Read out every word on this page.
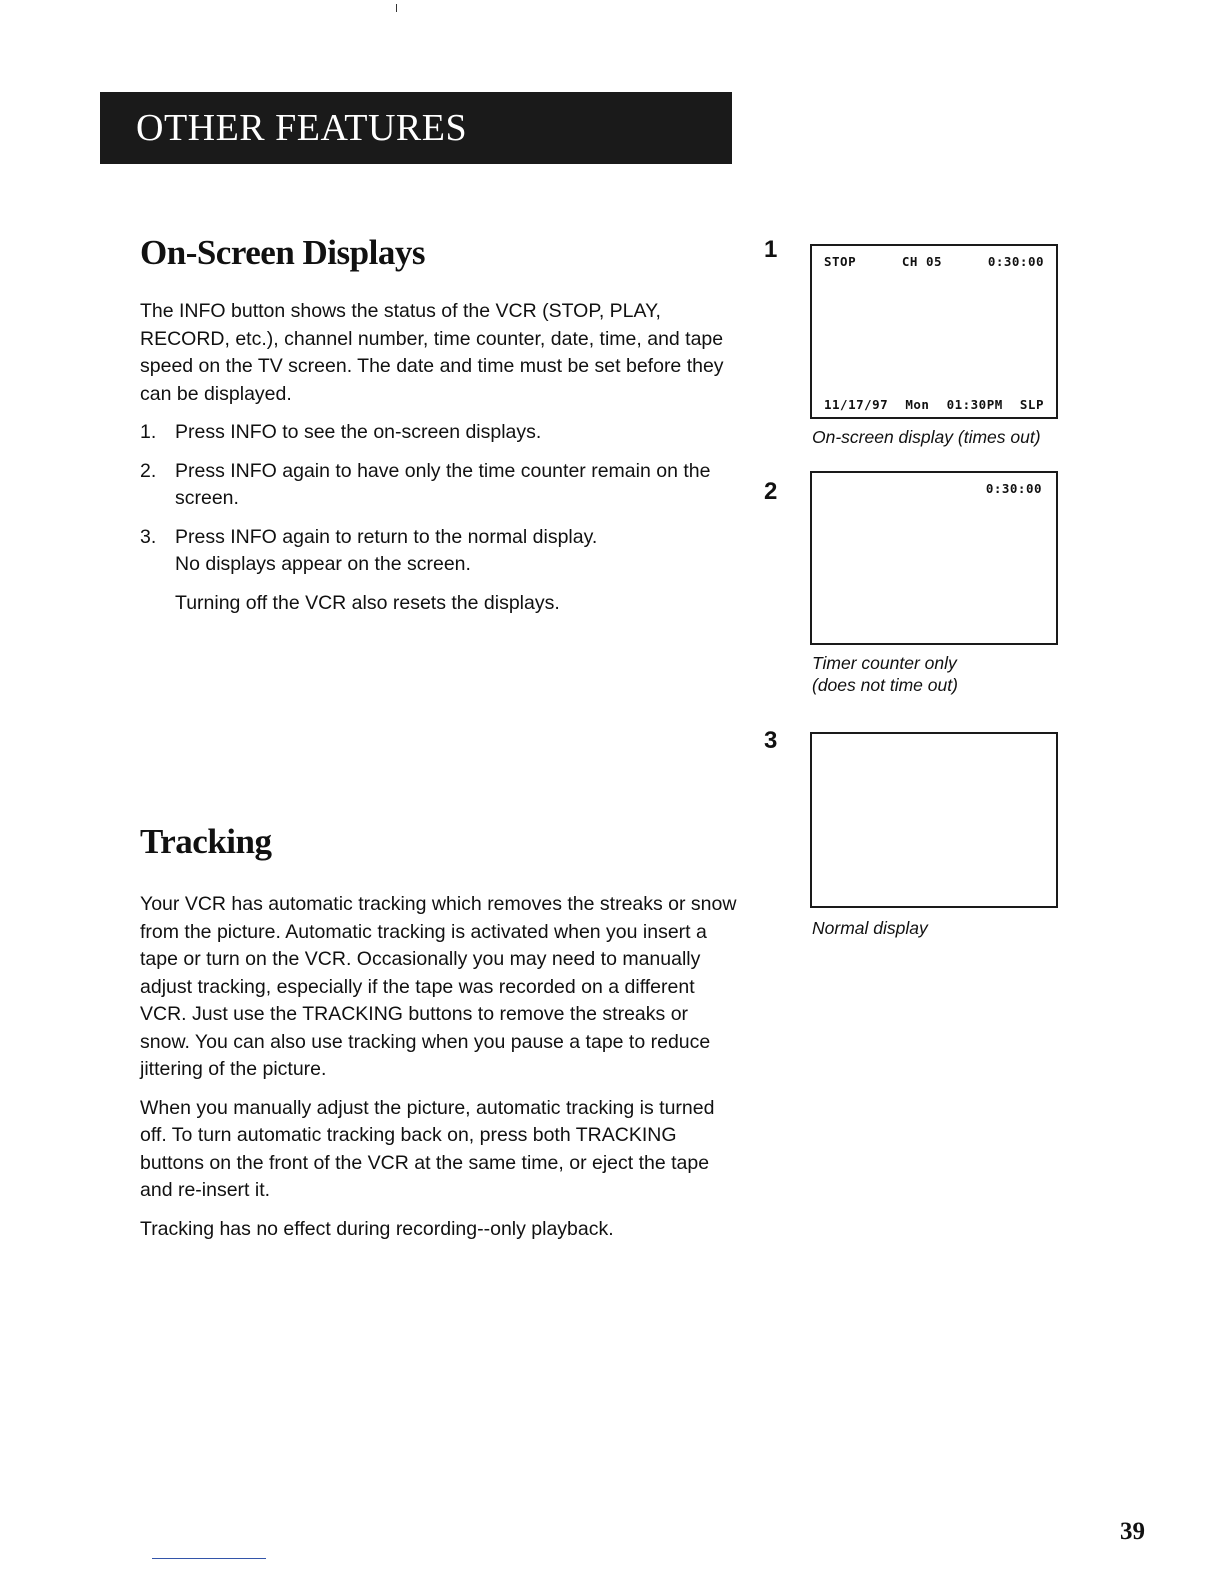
OTHER FEATURES
On-Screen Displays

The INFO button shows the status of the VCR (STOP, PLAY, RECORD, etc.), channel number, time counter, date, time, and tape speed on the TV screen. The date and time must be set before they can be displayed.

1. Press INFO to see the on-screen displays.
2. Press INFO again to have only the time counter remain on the screen.
3. Press INFO again to return to the normal display.
No displays appear on the screen.

Turning off the VCR also resets the displays.

Tracking

Your VCR has automatic tracking which removes the streaks or snow from the picture. Automatic tracking is activated when you insert a tape or turn on the VCR. Occasionally you may need to manually adjust tracking, especially if the tape was recorded on a different VCR. Just use the TRACKING buttons to remove the streaks or snow. You can also use tracking when you pause a tape to reduce jittering of the picture.

When you manually adjust the picture, automatic tracking is turned off. To turn automatic tracking back on, press both TRACKING buttons on the front of the VCR at the same time, or eject the tape and re-insert it.

Tracking has no effect during recording--only playback.

1	STOP	CH 05	0:30:00
11/17/97 Mon 01:30PM SLP
On-screen display (times out)
2	0:30:00
Timer counter only
(does not time out)
3
Normal display
39
